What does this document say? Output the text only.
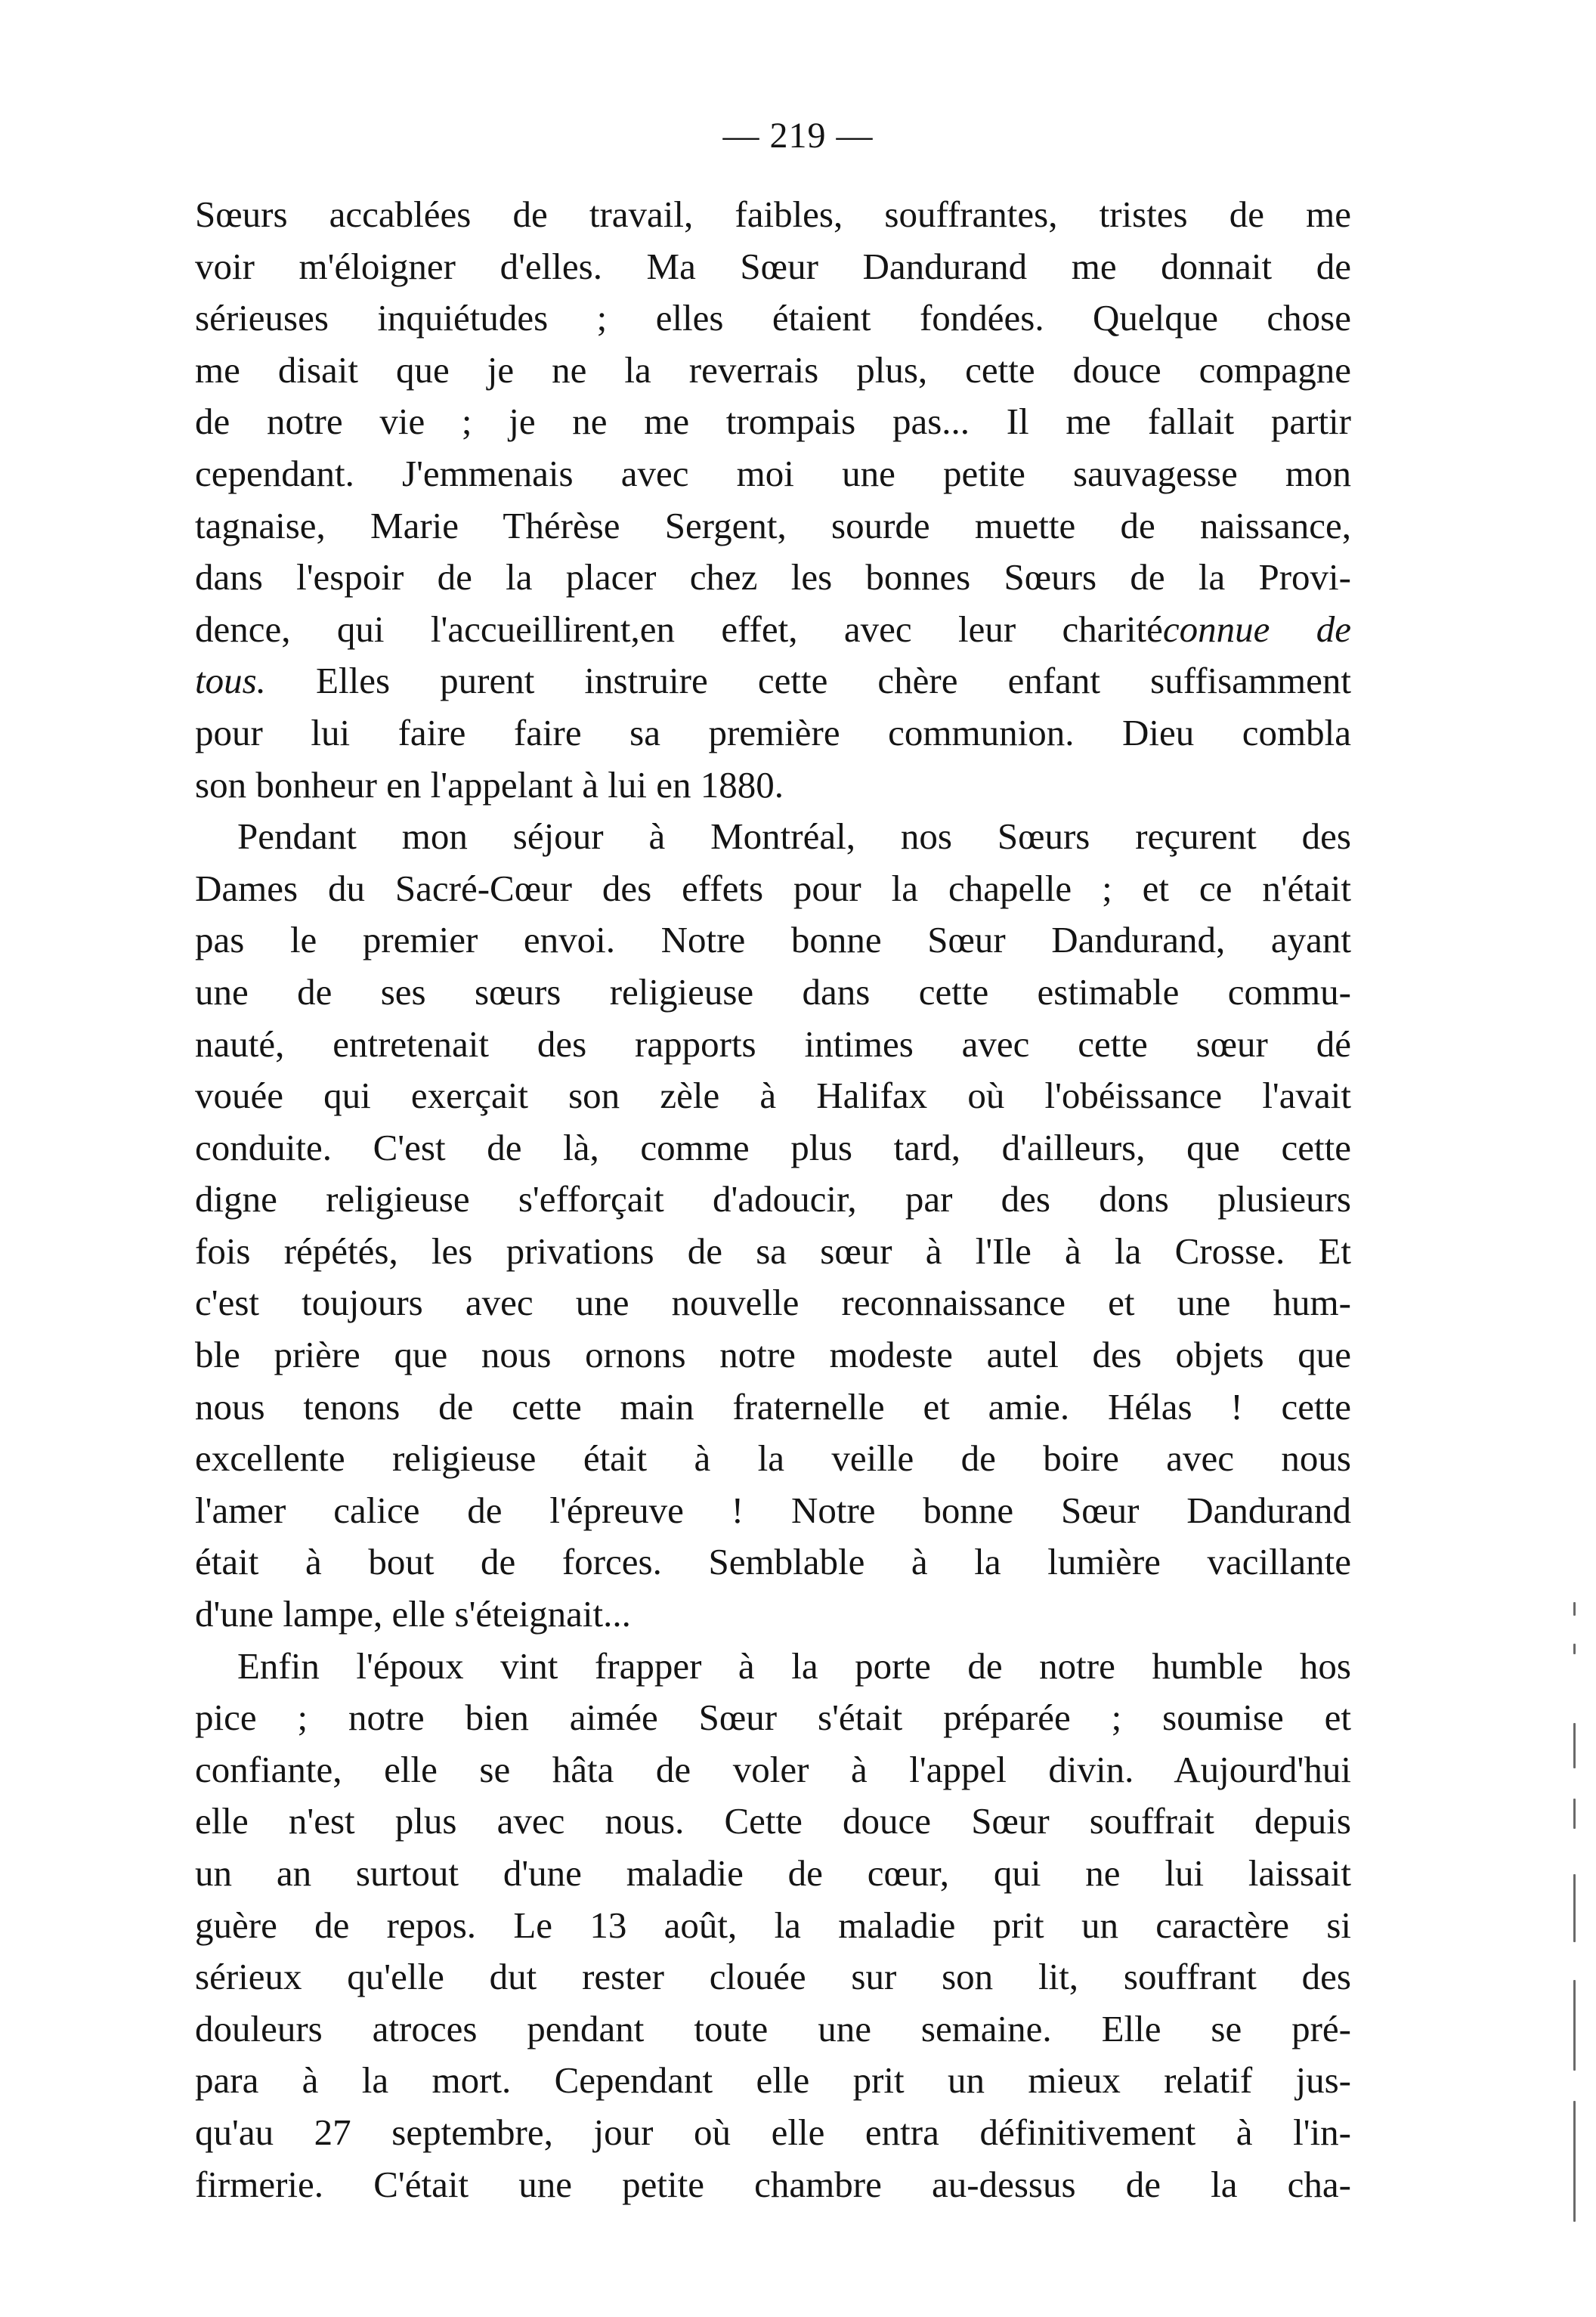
— 219 —
Sœurs accablées de travail, faibles, souffrantes, tristes de me
voir m'éloigner d'elles. Ma Sœur Dandurand me donnait de
sérieuses inquiétudes ; elles étaient fondées. Quelque chose
me disait que je ne la reverrais plus, cette douce compagne
de notre vie ; je ne me trompais pas... Il me fallait partir
cependant. J'emmenais avec moi une petite sauvagesse mon
tagnaise, Marie Thérèse Sergent, sourde muette de naissance,
dans l'espoir de la placer chez les bonnes Sœurs de la Provi-
dence, qui l'accueillirent,en effet, avec leur charitéconnue de
tous. Elles purent instruire cette chère enfant suffisamment
pour lui faire faire sa première communion. Dieu combla
son bonheur en l'appelant à lui en 1880.
Pendant mon séjour à Montréal, nos Sœurs reçurent des
Dames du Sacré-Cœur des effets pour la chapelle ; et ce n'était
pas le premier envoi. Notre bonne Sœur Dandurand, ayant
une de ses sœurs religieuse dans cette estimable commu-
nauté, entretenait des rapports intimes avec cette sœur dé
vouée qui exerçait son zèle à Halifax où l'obéissance l'avait
conduite. C'est de là, comme plus tard, d'ailleurs, que cette
digne religieuse s'efforçait d'adoucir, par des dons plusieurs
fois répétés, les privations de sa sœur à l'Ile à la Crosse. Et
c'est toujours avec une nouvelle reconnaissance et une hum-
ble prière que nous ornons notre modeste autel des objets que
nous tenons de cette main fraternelle et amie. Hélas ! cette
excellente religieuse était à la veille de boire avec nous
l'amer calice de l'épreuve ! Notre bonne Sœur Dandurand
était à bout de forces. Semblable à la lumière vacillante
d'une lampe, elle s'éteignait...
Enfin l'époux vint frapper à la porte de notre humble hos
pice ; notre bien aimée Sœur s'était préparée ; soumise et
confiante, elle se hâta de voler à l'appel divin. Aujourd'hui
elle n'est plus avec nous. Cette douce Sœur souffrait depuis
un an surtout d'une maladie de cœur, qui ne lui laissait
guère de repos. Le 13 août, la maladie prit un caractère si
sérieux qu'elle dut rester clouée sur son lit, souffrant des
douleurs atroces pendant toute une semaine. Elle se pré-
para à la mort. Cependant elle prit un mieux relatif jus-
qu'au 27 septembre, jour où elle entra définitivement à l'in-
firmerie. C'était une petite chambre au-dessus de la cha-
